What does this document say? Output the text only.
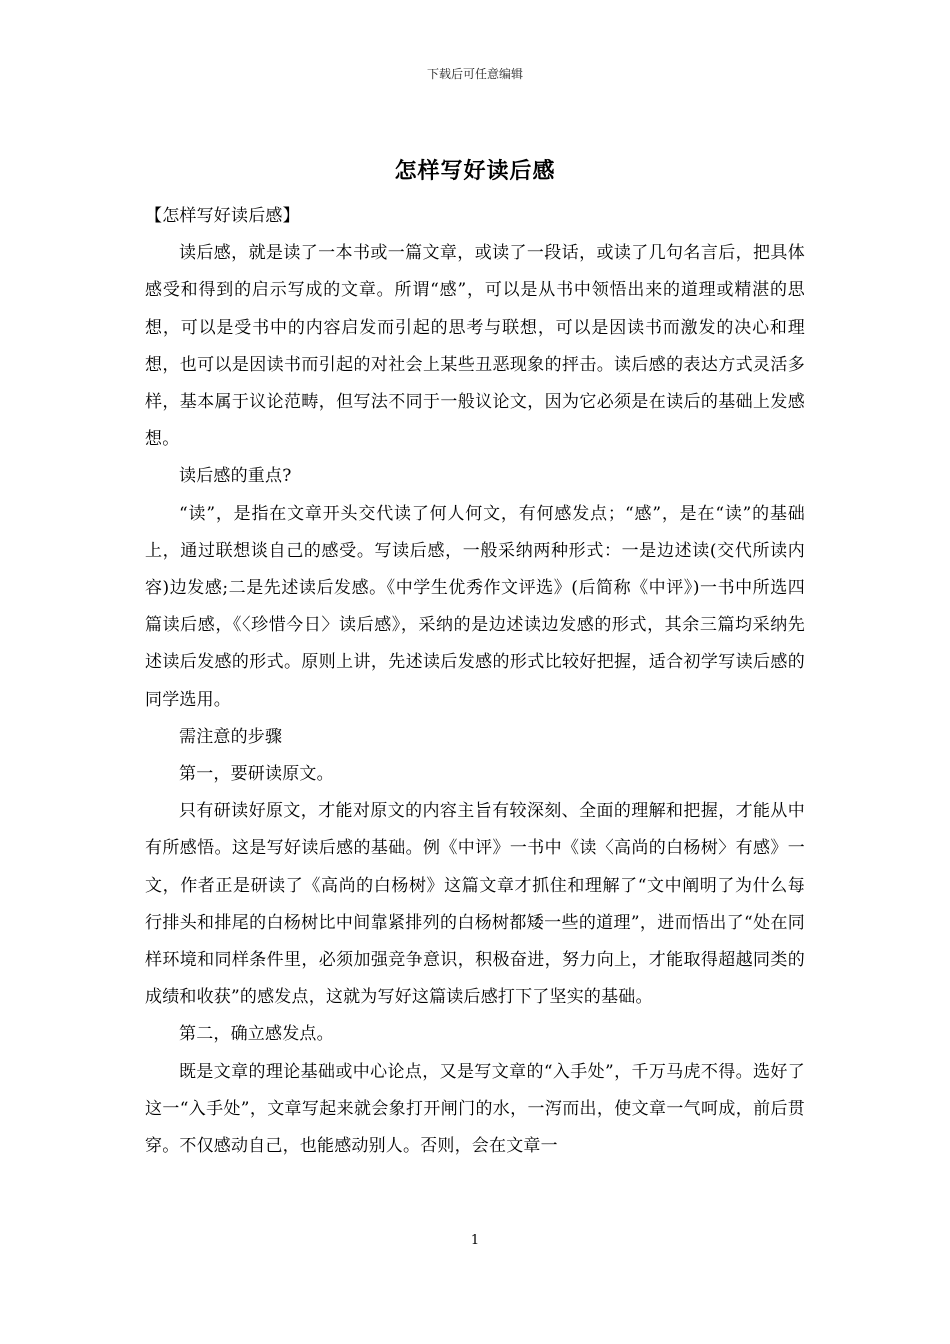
下载后可任意编辑
怎样写好读后感

【怎样写好读后感】

读后感，就是读了一本书或一篇文章，或读了一段话，或读了几句名言后，把具体感受和得到的启示写成的文章。所谓“感”，可以是从书中领悟出来的道理或精湛的思想，可以是受书中的内容启发而引起的思考与联想，可以是因读书而激发的决心和理想，也可以是因读书而引起的对社会上某些丑恶现象的抨击。读后感的表达方式灵活多样，基本属于议论范畴，但写法不同于一般议论文，因为它必须是在读后的基础上发感想。

读后感的重点?

“读”，是指在文章开头交代读了何人何文，有何感发点；“感”，是在“读”的基础上，通过联想谈自己的感受。写读后感，一般采纳两种形式：一是边述读(交代所读内容)边发感;二是先述读后发感。《中学生优秀作文评选》(后简称《中评》)一书中所选四篇读后感，《〈珍惜今日〉读后感》，采纳的是边述读边发感的形式，其余三篇均采纳先述读后发感的形式。原则上讲，先述读后发感的形式比较好把握，适合初学写读后感的同学选用。

需注意的步骤

第一，要研读原文。

只有研读好原文，才能对原文的内容主旨有较深刻、全面的理解和把握，才能从中有所感悟。这是写好读后感的基础。例《中评》一书中《读〈高尚的白杨树〉有感》一文，作者正是研读了《高尚的白杨树》这篇文章才抓住和理解了“文中阐明了为什么每行排头和排尾的白杨树比中间靠紧排列的白杨树都矮一些的道理”，进而悟出了“处在同样环境和同样条件里，必须加强竞争意识，积极奋进，努力向上，才能取得超越同类的成绩和收获”的感发点，这就为写好这篇读后感打下了坚实的基础。

第二，确立感发点。

既是文章的理论基础或中心论点，又是写文章的“入手处”，千万马虎不得。选好了这一“入手处”，文章写起来就会象打开闸门的水，一泻而出，使文章一气呵成，前后贯穿。不仅感动自己，也能感动别人。否则，会在文章一

1
